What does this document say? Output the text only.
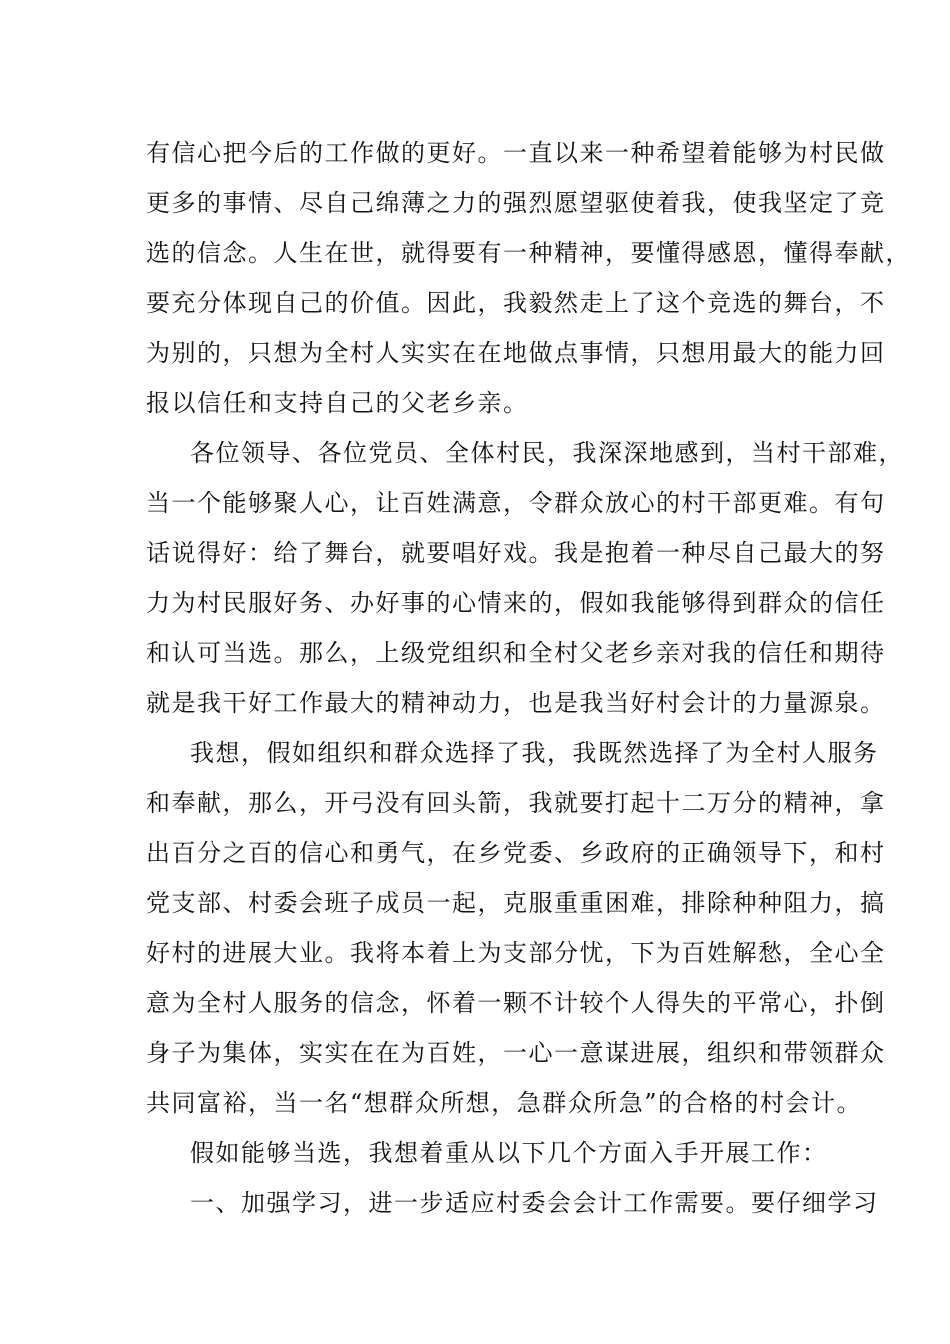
有信心把今后的工作做的更好。一直以来一种希望着能够为村民做
更多的事情、尽自己绵薄之力的强烈愿望驱使着我，使我坚定了竞
选的信念。人生在世，就得要有一种精神，要懂得感恩，懂得奉献，
要充分体现自己的价值。因此，我毅然走上了这个竞选的舞台，不
为别的，只想为全村人实实在在地做点事情，只想用最大的能力回
报以信任和支持自己的父老乡亲。
各位领导、各位党员、全体村民，我深深地感到，当村干部难，
当一个能够聚人心，让百姓满意，令群众放心的村干部更难。有句
话说得好：给了舞台，就要唱好戏。我是抱着一种尽自己最大的努
力为村民服好务、办好事的心情来的，假如我能够得到群众的信任
和认可当选。那么，上级党组织和全村父老乡亲对我的信任和期待
就是我干好工作最大的精神动力，也是我当好村会计的力量源泉。
我想，假如组织和群众选择了我，我既然选择了为全村人服务
和奉献，那么，开弓没有回头箭，我就要打起十二万分的精神，拿
出百分之百的信心和勇气，在乡党委、乡政府的正确领导下，和村
党支部、村委会班子成员一起，克服重重困难，排除种种阻力，搞
好村的进展大业。我将本着上为支部分忧，下为百姓解愁，全心全
意为全村人服务的信念，怀着一颗不计较个人得失的平常心，扑倒
身子为集体，实实在在为百姓，一心一意谋进展，组织和带领群众
共同富裕，当一名“想群众所想，急群众所急”的合格的村会计。
假如能够当选，我想着重从以下几个方面入手开展工作：
一、加强学习，进一步适应村委会会计工作需要。要仔细学习
